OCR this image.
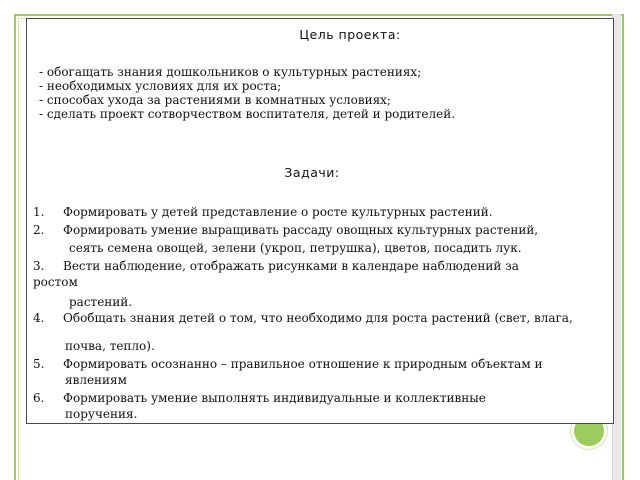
Цель проекта:
- обогащать знания дошкольников о культурных растениях;
- необходимых условиях для их роста;
- способах ухода за растениями в комнатных условиях;
- сделать проект сотворчеством воспитателя, детей и родителей.
Задачи:
1. Формировать у детей представление о росте культурных растений.
2. Формировать умение выращивать рассаду овощных культурных растений,
сеять семена овощей, зелени (укроп, петрушка), цветов, посадить лук.
3. Вести наблюдение, отображать рисунками в календаре наблюдений за
ростом
растений.
4. Обобщать знания детей о том, что необходимо для роста растений (свет, влага,
почва, тепло).
5. Формировать осознанно – правильное отношение к природным объектам и
явлениям
6. Формировать умение выполнять индивидуальные и коллективные
поручения.
